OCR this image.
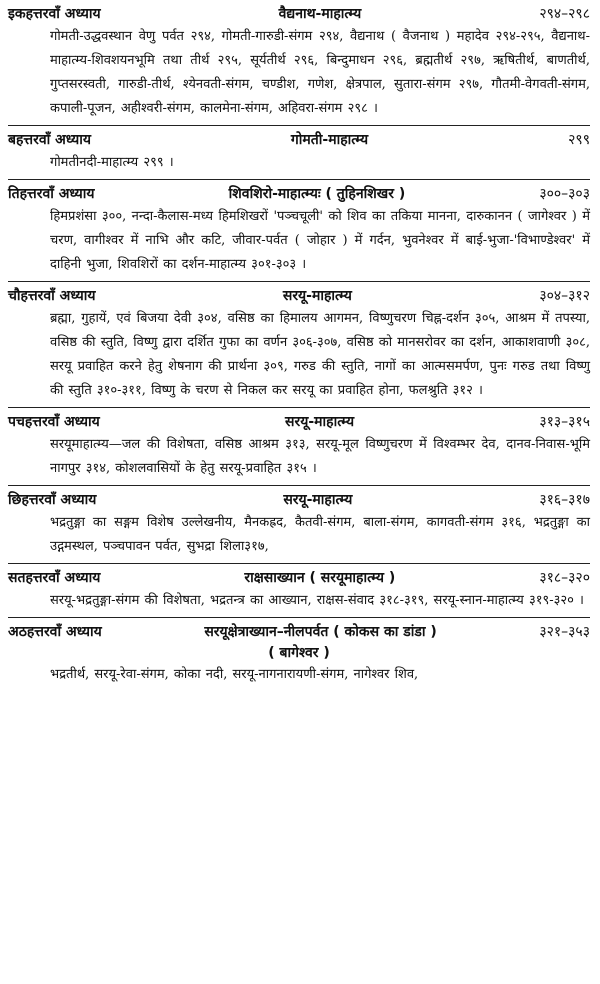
इकहत्तरवाँ अध्याय	वैद्यनाथ-माहात्म्य	२९४–२९८
गोमती-उद्धवस्थान वेणु पर्वत २९४, गोमती-गारुडी-संगम २९४, वैद्यनाथ ( वैजनाथ ) महादेव २९४-२९५, वैद्यनाथ-माहात्म्य-शिवशयनभूमि तथा तीर्थ २९५, सूर्यतीर्थ २९६, बिन्दुमाधन २९६, ब्रह्मतीर्थ २९७, ऋषितीर्थ, बाणतीर्थ, गुप्तसरस्वती, गारुडी-तीर्थ, श्येनवती-संगम, चण्डीश, गणेश, क्षेत्रपाल, सुतारा-संगम २९७, गौतमी-वेगवती-संगम, कपाली-पूजन, अहीश्वरी-संगम, कालमेना-संगम, अहिवरा-संगम २९८ ।
बहत्तरवाँ अध्याय	गोमती-माहात्म्य	२९९
गोमतीनदी-माहात्म्य २९९ ।
तिहत्तरवाँ अध्याय	शिवशिरो-माहात्म्यः ( तुहिनशिखर )	३००–३०३
हिमप्रशंसा ३००, नन्दा-कैलास-मध्य हिमशिखरों 'पञ्चचूली' को शिव का तकिया मानना, दारुकानन ( जागेश्वर ) में चरण, वागीश्वर में नाभि और कटि, जीवार-पर्वत ( जोहार ) में गर्दन, भुवनेश्वर में बाई-भुजा-'विभाण्डेश्वर' में दाहिनी भुजा, शिवशिरों का दर्शन-माहात्म्य ३०१-३०३ ।
चौहत्तरवाँ अध्याय	सरयू-माहात्म्य	३०४–३१२
ब्रह्मा, गुहायें, एवं बिजया देवी ३०४, वसिष्ठ का हिमालय आगमन, विष्णुचरण चिह्न-दर्शन ३०५, आश्रम में तपस्या, वसिष्ठ की स्तुति, विष्णु द्वारा दर्शित गुफा का वर्णन ३०६-३०७, वसिष्ठ को मानसरोवर का दर्शन, आकाशवाणी ३०८, सरयू प्रवाहित करने हेतु शेषनाग की प्रार्थना ३०९, गरुड की स्तुति, नागों का आत्मसमर्पण, पुनः गरुड तथा विष्णु की स्तुति ३१०-३११, विष्णु के चरण से निकल कर सरयू का प्रवाहित होना, फलश्रुति ३१२ ।
पचहत्तरवाँ अध्याय	सरयू-माहात्म्य	३१३–३१५
सरयूमाहात्म्य—जल की विशेषता, वसिष्ठ आश्रम ३१३, सरयू-मूल विष्णुचरण में विश्वम्भर देव, दानव-निवास-भूमि नागपुर ३१४, कोशलवासियों के हेतु सरयू-प्रवाहित ३१५ ।
छिहत्तरवाँ अध्याय	सरयू-माहात्म्य	३१६–३१७
भद्रतुङ्गा का सङ्गम विशेष उल्लेखनीय, मैनकह्रद, कैतवी-संगम, बाला-संगम, कागवती-संगम ३१६, भद्रतुङ्गा का उद्गमस्थल, पञ्चपावन पर्वत, सुभद्रा शिला३१७,
सतहत्तरवाँ अध्याय	राक्षसाख्यान ( सरयूमाहात्म्य )	३१८–३२०
सरयू-भद्रतुङ्गा-संगम की विशेषता, भद्रतन्त्र का आख्यान, राक्षस-संवाद ३१८-३१९, सरयू-स्नान-माहात्म्य ३१९-३२० ।
अठहत्तरवाँ अध्याय	सरयूक्षेत्राख्यान–नीलपर्वत ( कोकस का डांडा )	३२१–३५३
( बागेश्वर )
भद्रतीर्थ, सरयू-रेवा-संगम, कोका नदी, सरयू-नागनारायणी-संगम, नागेश्वर शिव,
